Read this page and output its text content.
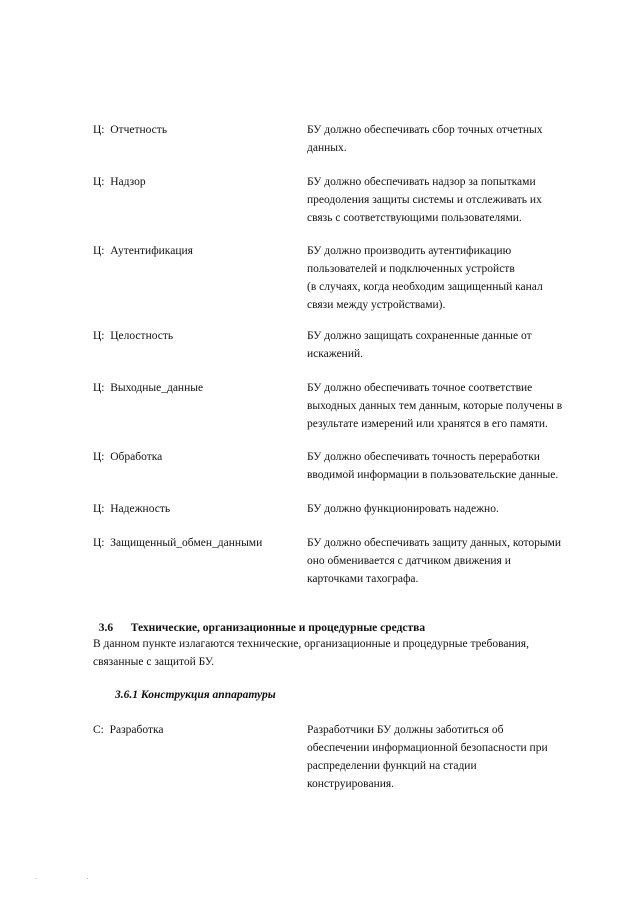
Ц:  Отчетность	БУ должно обеспечивать сбор точных отчетных
данных.
Ц:  Надзор	БУ должно обеспечивать надзор за попытками
преодоления защиты системы и отслеживать их
связь с соответствующими пользователями.
Ц:  Аутентификация	БУ должно производить аутентификацию
пользователей и подключенных устройств
(в случаях, когда необходим защищенный канал
связи между устройствами).
Ц:  Целостность	БУ должно защищать сохраненные данные от
искажений.
Ц:  Выходные_данные	БУ должно обеспечивать точное соответствие
выходных данных тем данным, которые получены в
результате измерений или хранятся в его памяти.
Ц:  Обработка	БУ должно обеспечивать точность переработки
вводимой информации в пользовательские данные.
Ц:  Надежность	БУ должно функционировать надежно.
Ц:  Защищенный_обмен_данными	БУ должно обеспечивать защиту данных, которыми
оно обменивается с датчиком движения и
карточками тахографа.

3.6 Технические, организационные и процедурные средства

В данном пункте излагаются технические, организационные и процедурные требования,
связанные с защитой БУ.
3.6.1 Конструкция аппаратуры
С:  Разработка	Разработчики БУ должны заботиться об
обеспечении информационной безопасности при
распределении функций на стадии
конструирования.
. .
